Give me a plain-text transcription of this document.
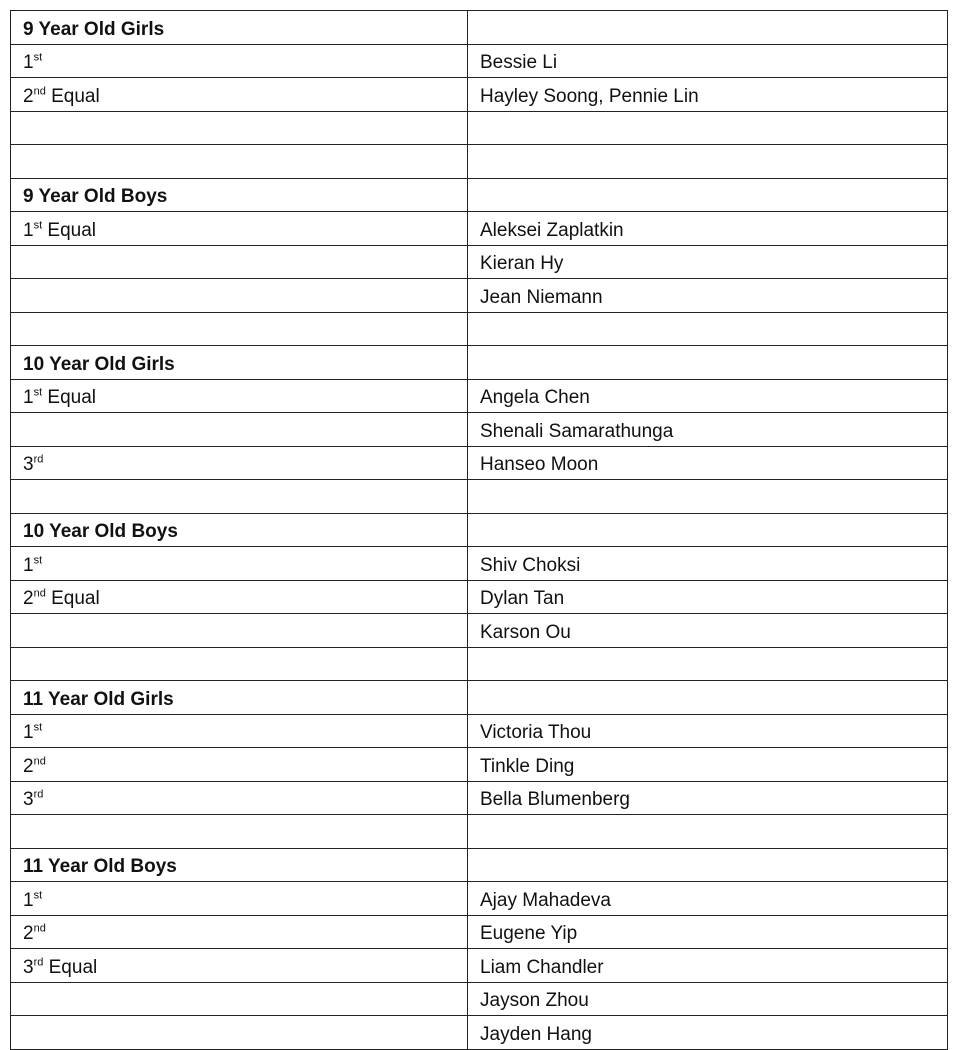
9 Year Old Girls	
1st	Bessie Li
2nd Equal	Hayley Soong, Pennie Lin

9 Year Old Boys	
1st Equal	Aleksei Zaplatkin
	Kieran Hy
	Jean Niemann

10 Year Old Girls	
1st Equal	Angela Chen
	Shenali Samarathunga
3rd	Hanseo Moon

10 Year Old Boys	
1st	Shiv Choksi
2nd Equal	Dylan Tan
	Karson Ou

11 Year Old Girls	
1st	Victoria Thou
2nd	Tinkle Ding
3rd	Bella Blumenberg

11 Year Old Boys	
1st	Ajay Mahadeva
2nd	Eugene Yip
3rd Equal	Liam Chandler
	Jayson Zhou
	Jayden Hang
